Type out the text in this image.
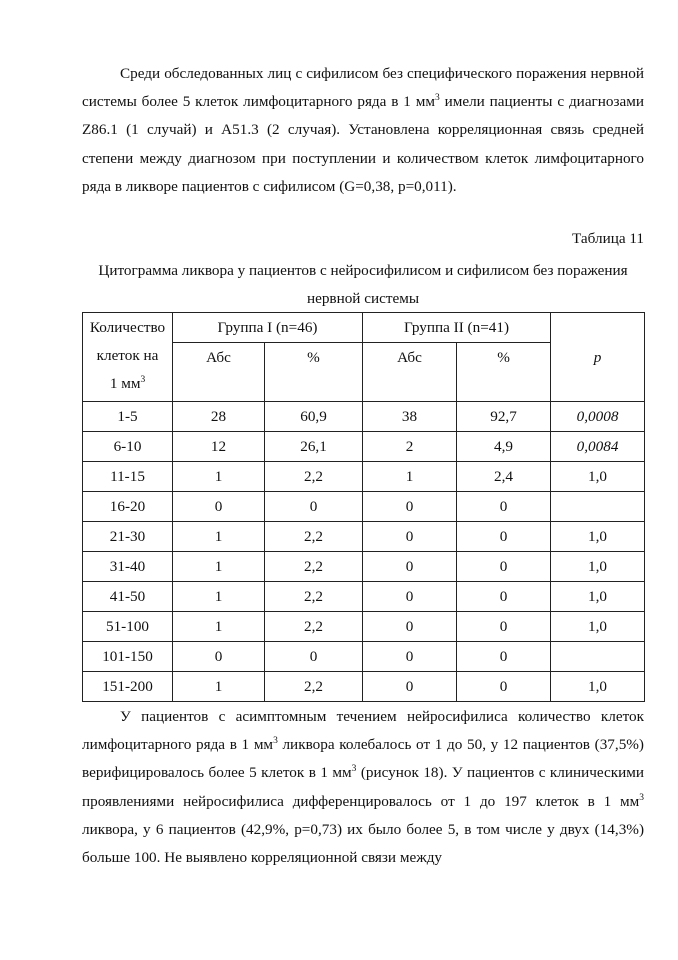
Среди обследованных лиц с сифилисом без специфического поражения нервной системы более 5 клеток лимфоцитарного ряда в 1 $мм^3$ имели пациенты с диагнозами Z86.1 (1 случай) и A51.3 (2 случая). Установлена корреляционная связь средней степени между диагнозом при поступлении и количеством клеток лимфоцитарного ряда в ликворе пациентов с сифилисом (G=0,38, p=0,011).

Таблица 11

Цитограмма ликвора у пациентов с нейросифилисом и сифилисом без поражения нервной системы

Количество
клеток на
1 $мм^3$	Группа I (n=46)		Группа II (n=41)		р
	Абс	%	Абс	%	
1-5	28	60,9	38	92,7	0,0008
6-10	12	26,1	2	4,9	0,0084
11-15	1	2,2	1	2,4	1,0
16-20	0	0	0	0	
21-30	1	2,2	0	0	1,0
31-40	1	2,2	0	0	1,0
41-50	1	2,2	0	0	1,0
51-100	1	2,2	0	0	1,0
101-150	0	0	0	0	
151-200	1	2,2	0	0	1,0

У пациентов с асимптомным течением нейросифилиса количество клеток лимфоцитарного ряда в 1 $мм^3$ ликвора колебалось от 1 до 50, у 12 пациентов (37,5%) верифицировалось более 5 клеток в 1 $мм^3$ (рисунок 18). У пациентов с клиническими проявлениями нейросифилиса дифференцировалось от 1 до 197 клеток в 1 $мм^3$ ликвора, у 6 пациентов (42,9%, p=0,73) их было более 5, в том числе у двух (14,3%) больше 100. Не выявлено корреляционной связи между
